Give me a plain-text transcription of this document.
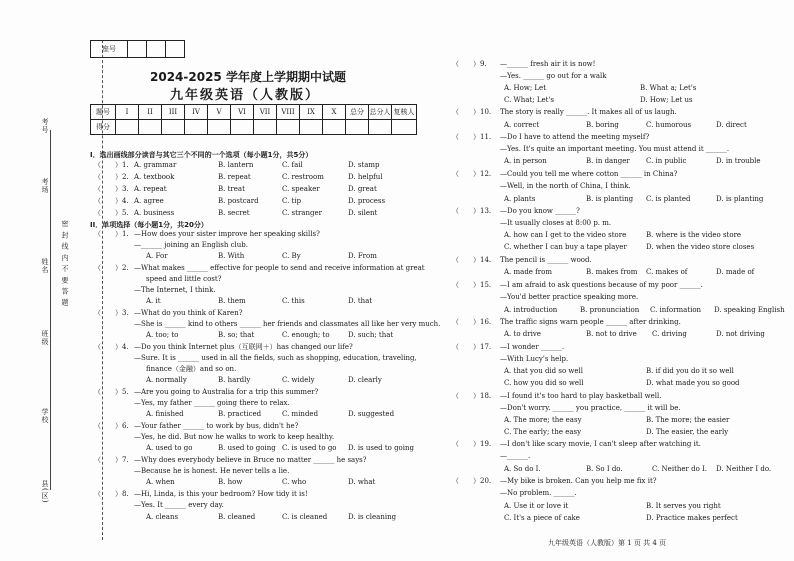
考号
考场
姓名
班级
学校
县(区)
密 封 线 内 不 要 答 题
座号			
2024-2025 学年度上学期期中试题
九年级英语（人教版）
题号	I	II	III	IV	V	VI	VII	VIII	IX	X	总分	总分人	复核人
得分													
I．选出画线部分读音与其它三个不同的一个选项（每小题1分，共5分）
（　　）1. A. grammar	B. lantern	C. fail	D. stamp
（　　）2. A. textbook	B. repeat	C. restroom	D. helpful
（　　）3. A. repeat	B. treat	C. speaker	D. great
（　　）4. A. agree	B. postcard	C. tip	D. process
（　　）5. A. business	B. secret	C. stranger	D. silent
II．单项选择（每小题1分，共20分）
（　　）1. —How does your sister improve her speaking skills?
—______ joining an English club.
A. For	B. With	C. By	D. From
（　　）2. —What makes ______ effective for people to send and receive information at great
speed and little cost?
—The Internet, I think.
A. it	B. them	C. this	D. that
（　　）3. —What do you think of Karen?
—She is ______ kind to others ______ her friends and classmates all like her very much.
A. too; to	B. so; that	C. enough; to	D. such; that
（　　）4. —Do you think Internet plus（互联网＋）has changed our life?
—Sure. It is ______ used in all the fields, such as shopping, education, traveling,
finance（金融）and so on.
A. normally	B. hardly	C. widely	D. clearly
（　　）5. —Are you going to Australia for a trip this summer?
—Yes, my father ______ going there to relax.
A. finished	B. practiced	C. minded	D. suggested
（　　）6. —Your father ______ to work by bus, didn't he?
—Yes, he did. But now he walks to work to keep healthy.
A. used to go	B. used to going C. is used to go D. is used to going
（　　）7. —Why does everybody believe in Bruce no matter ______ he says?
—Because he is honest. He never tells a lie.
A. when	B. how	C. who	D. what
（　　）8. —Hi, Linda, is this your bedroom? How tidy it is!
—Yes. It ______ every day.
A. cleans	B. cleaned	C. is cleaned	D. is cleaning
（　　）9. —______ fresh air it is now!
—Yes. ______ go out for a walk
A. How; Let	B. What a; Let's
C. What; Let's	D. How; Let us
（　　）10. The story is really ______. It makes all of us laugh.
A. correct	B. boring	C. humorous	D. direct
（　　）11. —Do I have to attend the meeting myself?
—Yes. It's quite an important meeting. You must attend it ______.
A. in person	B. in danger C. in public	D. in trouble
（　　）12. —Could you tell me where cotton ______ in China?
—Well, in the north of China, I think.
A. plants	B. is planting C. is planted	D. is planting
（　　）13. —Do you know ______?
—It usually closes at 8:00 p. m.
A. how can I get to the video store	B. where is the video store
C. whether I can buy a tape player	D. when the video store closes
（　　）14. The pencil is ______ wood.
A. made from	B. makes from C. makes of	D. made of
（　　）15. —I am afraid to ask questions because of my poor ______.
—You'd better practice speaking more.
A. introduction	B. pronunciation C. information D. speaking English
（　　）16. The traffic signs warn people ______ after drinking.
A. to drive	B. not to drive C. driving	D. not driving
（　　）17. —I wonder ______.
—With Lucy's help.
A. that you did so well	B. if did you do it so well
C. how you did so well	D. what made you so good
（　　）18. —I found it's too hard to play basketball well.
—Don't worry. ______ you practice, ______ it will be.
A. The more; the easy	B. The more; the easier
C. The early; the easy	D. The easier, the early
（　　）19. —I don't like scary movie, I can't sleep after watching it.
—______.
A. So do I.	B. So I do.	C. Neither do I. D. Neither I do.
（　　）20. —My bike is broken. Can you help me fix it?
—No problem. ______.
A. Use it or love it	B. It serves you right
C. It's a piece of cake	D. Practice makes perfect
九年级英语（人教版）第 1 页 共 4 页
